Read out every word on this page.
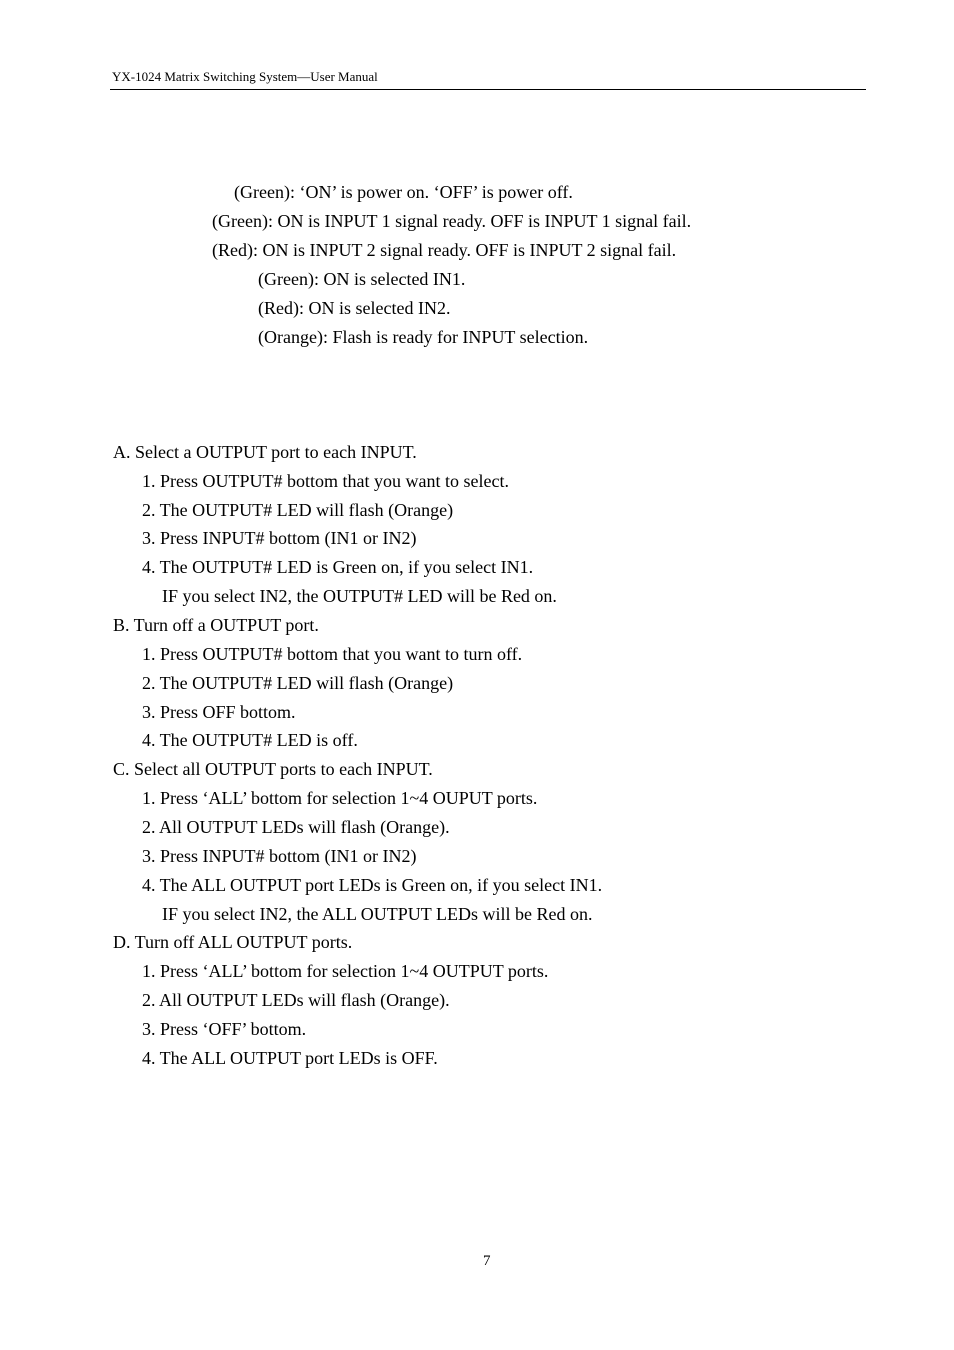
YX-1024 Matrix Switching System—User Manual
(Green): ‘ON’ is power on. ‘OFF’ is power off.
(Green): ON is INPUT 1 signal ready. OFF is INPUT 1 signal fail.
(Red): ON is INPUT 2 signal ready. OFF is INPUT 2 signal fail.
(Green): ON is selected IN1.
(Red): ON is selected IN2.
(Orange): Flash is ready for INPUT selection.
A. Select a OUTPUT port to each INPUT.
1. Press OUTPUT# bottom that you want to select.
2. The OUTPUT# LED will flash (Orange)
3. Press INPUT# bottom (IN1 or IN2)
4. The OUTPUT# LED is Green on, if you select IN1.
IF you select IN2, the OUTPUT# LED will be Red on.
B. Turn off a OUTPUT port.
1. Press OUTPUT# bottom that you want to turn off.
2. The OUTPUT# LED will flash (Orange)
3. Press OFF bottom.
4. The OUTPUT# LED is off.
C. Select all OUTPUT ports to each INPUT.
1. Press ‘ALL’ bottom for selection 1~4 OUPUT ports.
2. All OUTPUT LEDs will flash (Orange).
3. Press INPUT# bottom (IN1 or IN2)
4. The ALL OUTPUT port LEDs is Green on, if you select IN1.
IF you select IN2, the ALL OUTPUT LEDs will be Red on.
D. Turn off ALL OUTPUT ports.
1. Press ‘ALL’ bottom for selection 1~4 OUTPUT ports.
2. All OUTPUT LEDs will flash (Orange).
3. Press ‘OFF’ bottom.
4. The ALL OUTPUT port LEDs is OFF.
7
